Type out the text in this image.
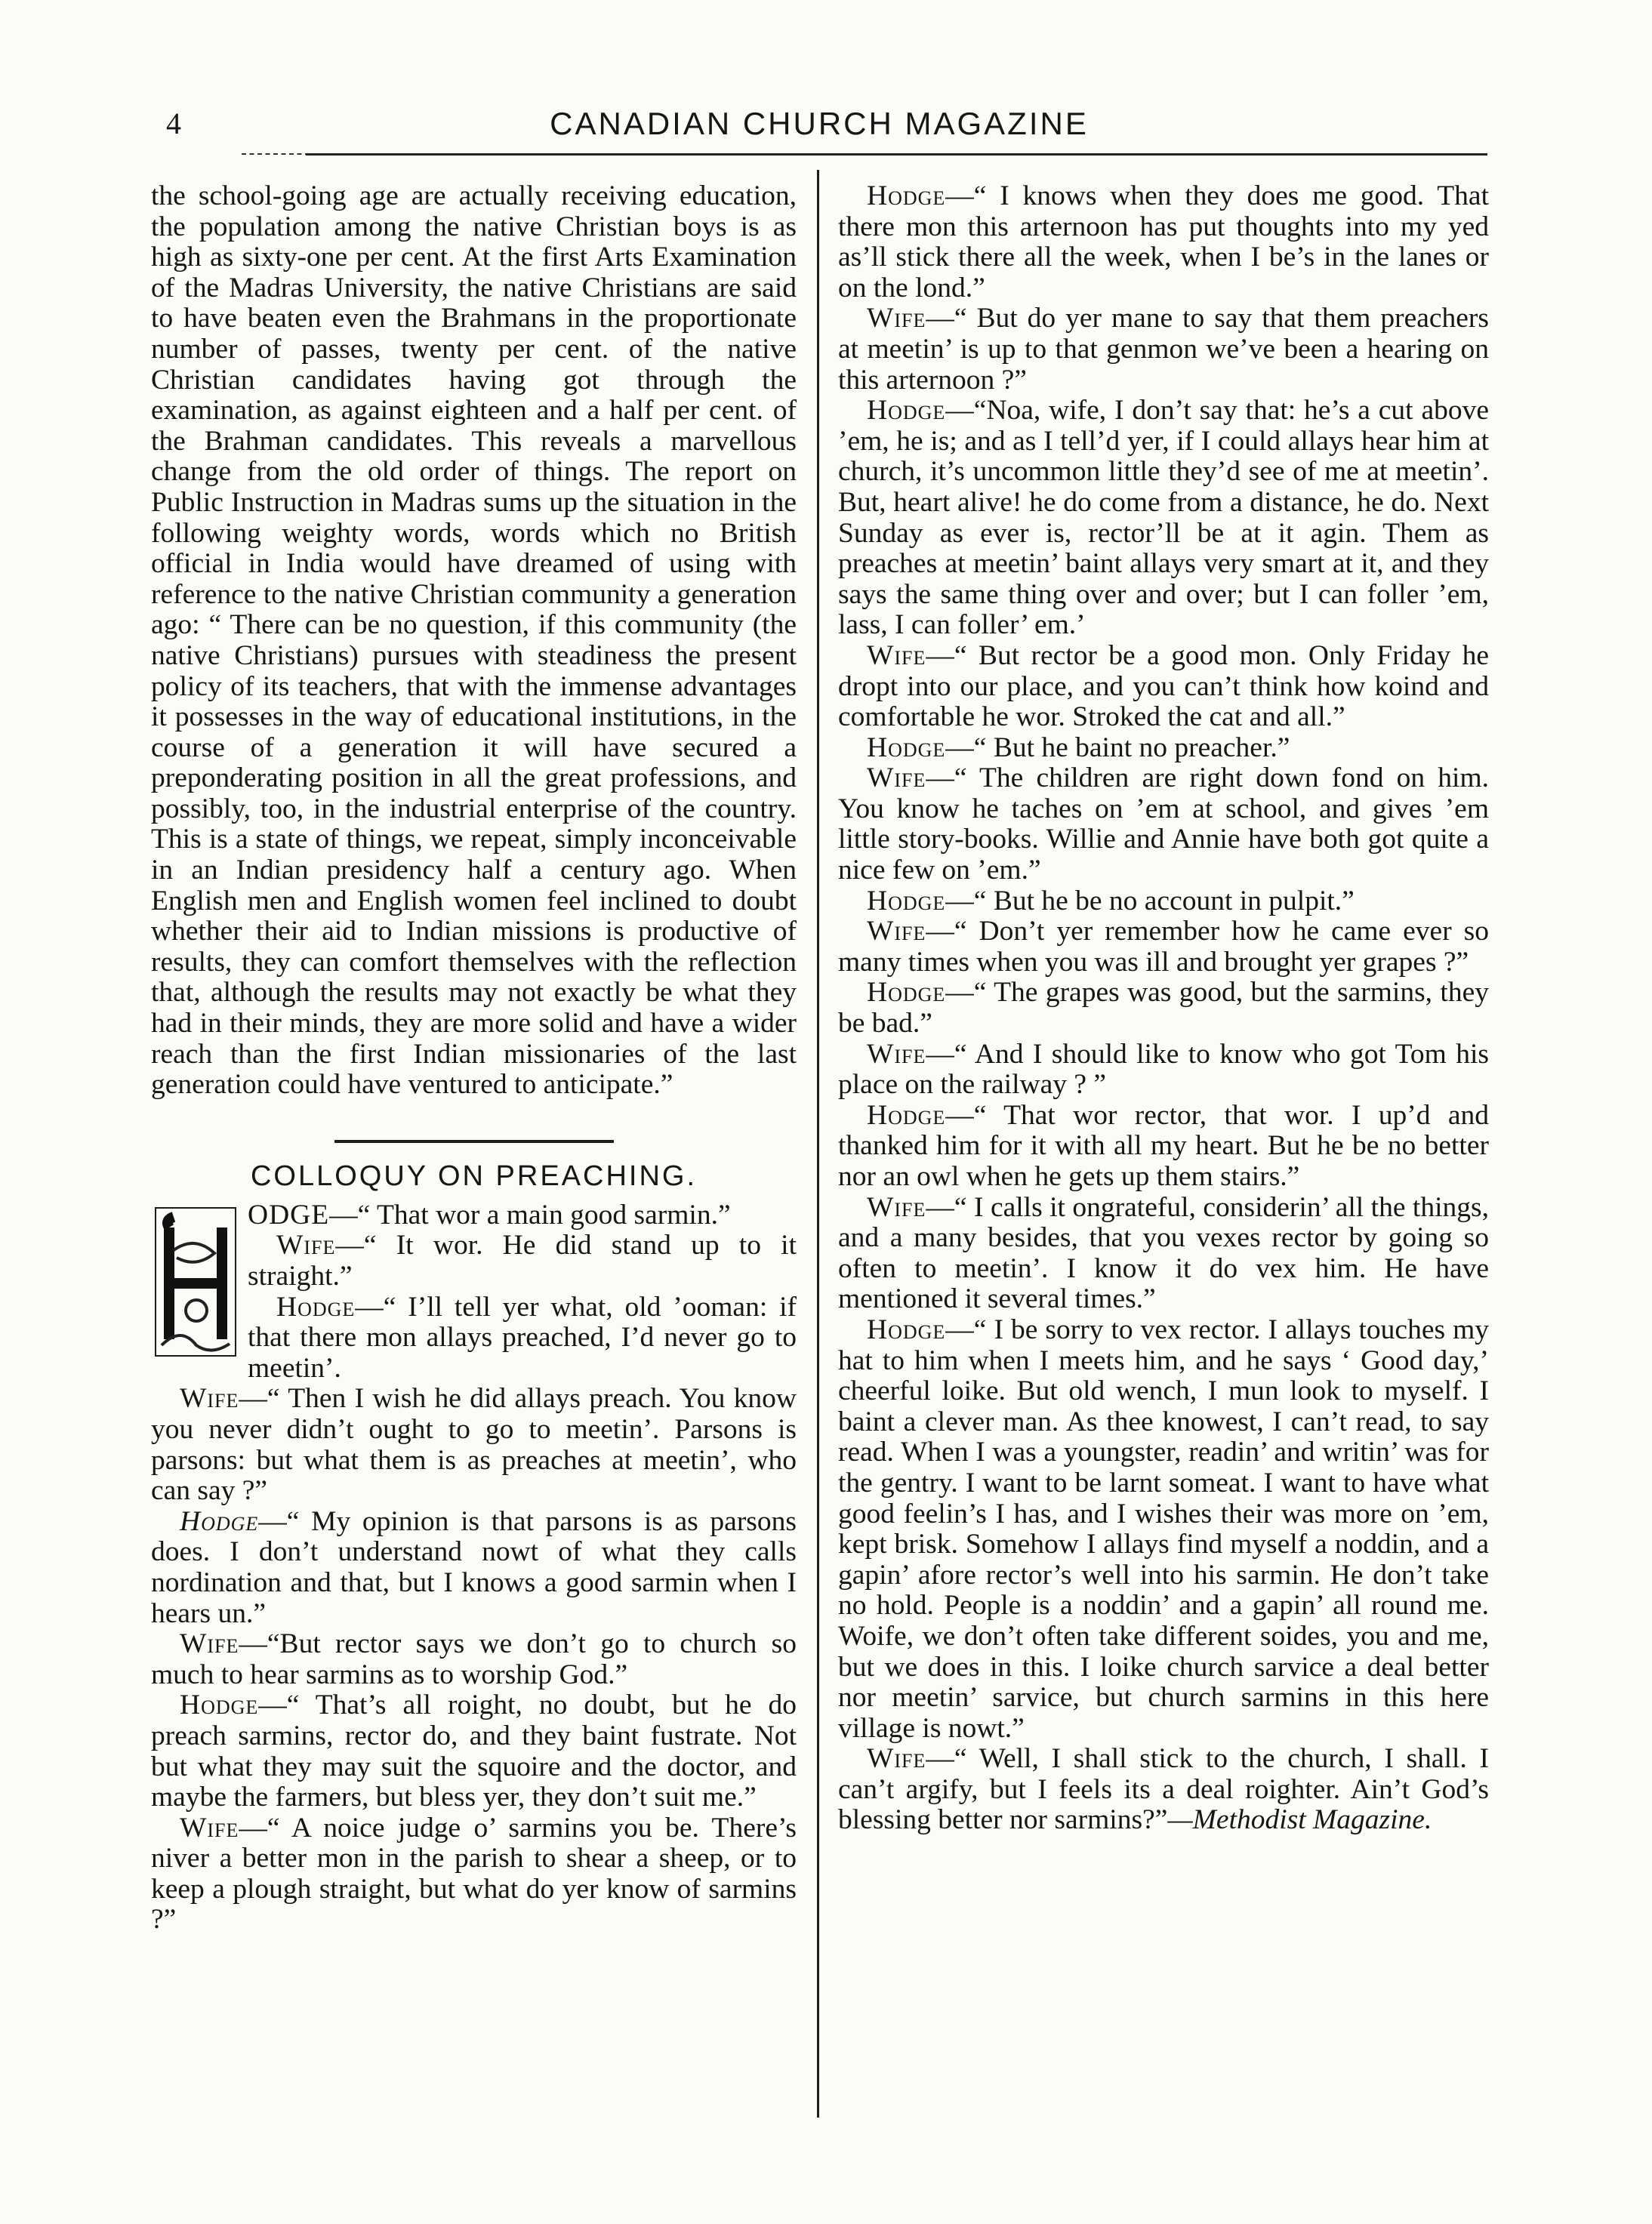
4	CANADIAN CHURCH MAGAZINE

the school-going age are actually receiving education, the population among the native Christian boys is as high as sixty-one per cent. At the first Arts Examination of the Madras University, the native Christians are said to have beaten even the Brahmans in the proportionate number of passes, twenty per cent. of the native Christian candidates having got through the examination, as against eighteen and a half per cent. of the Brahman candidates. This reveals a marvellous change from the old order of things. The report on Public Instruction in Madras sums up the situation in the following weighty words, words which no British official in India would have dreamed of using with reference to the native Christian community a generation ago: “ There can be no question, if this community (the native Christians) pursues with steadiness the present policy of its teachers, that with the immense advantages it possesses in the way of educational institutions, in the course of a generation it will have secured a preponderating position in all the great professions, and possibly, too, in the industrial enterprise of the country. This is a state of things, we repeat, simply inconceivable in an Indian presidency half a century ago. When English men and English women feel inclined to doubt whether their aid to Indian missions is productive of results, they can comfort themselves with the reflection that, although the results may not exactly be what they had in their minds, they are more solid and have a wider reach than the first Indian missionaries of the last generation could have ventured to anticipate.”

COLLOQUY ON PREACHING.

ODGE—“ That wor a main good sarmin.”

Wife—“ It wor. He did stand up to it straight.”

Hodge—“ I’ll tell yer what, old ’ooman: if that there mon allays preached, I’d never go to meetin’.

Wife—“ Then I wish he did allays preach. You know you never didn’t ought to go to meetin’. Parsons is parsons: but what them is as preaches at meetin’, who can say ?”

Hodge—“ My opinion is that parsons is as parsons does. I don’t understand nowt of what they calls nordination and that, but I knows a good sarmin when I hears un.”

Wife—“But rector says we don’t go to church so much to hear sarmins as to worship God.”

Hodge—“ That’s all roight, no doubt, but he do preach sarmins, rector do, and they baint fustrate. Not but what they may suit the squoire and the doctor, and maybe the farmers, but bless yer, they don’t suit me.”

Wife—“ A noice judge o’ sarmins you be. There’s niver a better mon in the parish to shear a sheep, or to keep a plough straight, but what do yer know of sarmins ?”

Hodge—“ I knows when they does me good. That there mon this arternoon has put thoughts into my yed as’ll stick there all the week, when I be’s in the lanes or on the lond.”

Wife—“ But do yer mane to say that them preachers at meetin’ is up to that genmon we’ve been a hearing on this arternoon ?”

Hodge—“Noa, wife, I don’t say that: he’s a cut above ’em, he is; and as I tell’d yer, if I could allays hear him at church, it’s uncommon little they’d see of me at meetin’. But, heart alive! he do come from a distance, he do. Next Sunday as ever is, rector’ll be at it agin. Them as preaches at meetin’ baint allays very smart at it, and they says the same thing over and over; but I can foller ’em, lass, I can foller’ em.’

Wife—“ But rector be a good mon. Only Friday he dropt into our place, and you can’t think how koind and comfortable he wor. Stroked the cat and all.”

Hodge—“ But he baint no preacher.”

Wife—“ The children are right down fond on him. You know he taches on ’em at school, and gives ’em little story-books. Willie and Annie have both got quite a nice few on ’em.”

Hodge—“ But he be no account in pulpit.”

Wife—“ Don’t yer remember how he came ever so many times when you was ill and brought yer grapes ?”

Hodge—“ The grapes was good, but the sarmins, they be bad.”

Wife—“ And I should like to know who got Tom his place on the railway ? ”

Hodge—“ That wor rector, that wor. I up’d and thanked him for it with all my heart. But he be no better nor an owl when he gets up them stairs.”

Wife—“ I calls it ongrateful, considerin’ all the things, and a many besides, that you vexes rector by going so often to meetin’. I know it do vex him. He have mentioned it several times.”

Hodge—“ I be sorry to vex rector. I allays touches my hat to him when I meets him, and he says ‘ Good day,’ cheerful loike. But old wench, I mun look to myself. I baint a clever man. As thee knowest, I can’t read, to say read. When I was a youngster, readin’ and writin’ was for the gentry. I want to be larnt someat. I want to have what good feelin’s I has, and I wishes their was more on ’em, kept brisk. Somehow I allays find myself a noddin, and a gapin’ afore rector’s well into his sarmin. He don’t take no hold. People is a noddin’ and a gapin’ all round me. Woife, we don’t often take different soides, you and me, but we does in this. I loike church sarvice a deal better nor meetin’ sarvice, but church sarmins in this here village is nowt.”

Wife—“ Well, I shall stick to the church, I shall. I can’t argify, but I feels its a deal roighter. Ain’t God’s blessing better nor sarmins?”—Methodist Magazine.
